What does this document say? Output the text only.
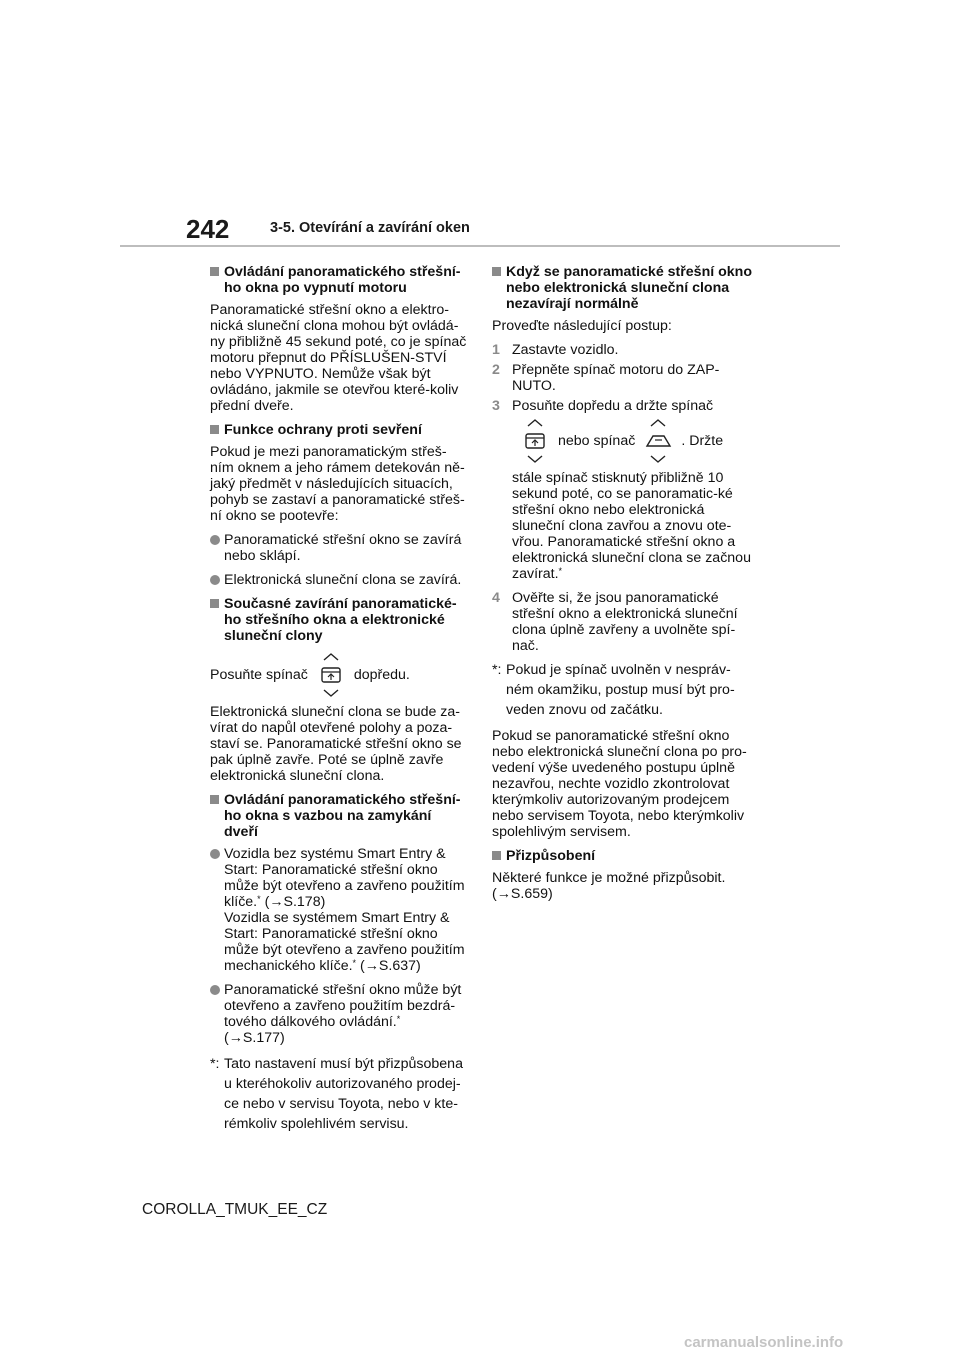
242	3-5. Otevírání a zavírání oken
Ovládání panoramatického střešní-ho okna po vypnutí motoru

Panoramatické střešní okno a elektro-nická sluneční clona mohou být ovládá-ny přibližně 45 sekund poté, co je spínač motoru přepnut do PŘÍSLUŠEN-STVÍ nebo VYPNUTO. Nemůže však být ovládáno, jakmile se otevřou které-koliv přední dveře.

Funkce ochrany proti sevření

Pokud je mezi panoramatickým střeš-ním oknem a jeho rámem detekován ně-jaký předmět v následujících situacích, pohyb se zastaví a panoramatické střeš-ní okno se pootevře:

Panoramatické střešní okno se zavírá nebo sklápí.
Elektronická sluneční clona se zavírá.
Současné zavírání panoramatické-ho střešního okna a elektronické sluneční clony
Posuňte spínač	dopředu.

Elektronická sluneční clona se bude za-vírat do napůl otevřené polohy a poza-staví se. Panoramatické střešní okno se pak úplně zavře. Poté se úplně zavře elektronická sluneční clona.

Ovládání panoramatického střešní-ho okna s vazbou na zamykání dveří
Vozidla bez systému Smart Entry & Start: Panoramatické střešní okno může být otevřeno a zavřeno použitím klíče.* (→S.178)
Vozidla se systémem Smart Entry & Start: Panoramatické střešní okno může být otevřeno a zavřeno použitím mechanického klíče.* (→S.637)
Panoramatické střešní okno může být otevřeno a zavřeno použitím bezdrá-tového dálkového ovládání.*
(→S.177)
*: Tato nastavení musí být přizpůsobena u kteréhokoliv autorizovaného prodej-ce nebo v servisu Toyota, nebo v kte-rémkoliv spolehlivém servisu.
Když se panoramatické střešní okno nebo elektronická sluneční clona nezavírají normálně

Proveďte následující postup:

1 Zastavte vozidlo.
2 Přepněte spínač motoru do ZAP-NUTO.
3 Posuňte dopředu a držte spínač
nebo spínač	. Držte
stále spínač stisknutý přibližně 10 sekund poté, co se panoramatic-ké střešní okno nebo elektronická sluneční clona zavřou a znovu ote-vřou. Panoramatické střešní okno a elektronická sluneční clona se začnou zavírat.*
4 Ověřte si, že jsou panoramatické střešní okno a elektronická sluneční clona úplně zavřeny a uvolněte spí-nač.
*: Pokud je spínač uvolněn v nespráv-ném okamžiku, postup musí být pro-veden znovu od začátku.

Pokud se panoramatické střešní okno nebo elektronická sluneční clona po pro-vedení výše uvedeného postupu úplně nezavřou, nechte vozidlo zkontrolovat kterýmkoliv autorizovaným prodejcem nebo servisem Toyota, nebo kterýmkoliv spolehlivým servisem.

Přizpůsobení

Některé funkce je možné přizpůsobit.
(→S.659)

COROLLA_TMUK_EE_CZ
carmanualsonline.info
